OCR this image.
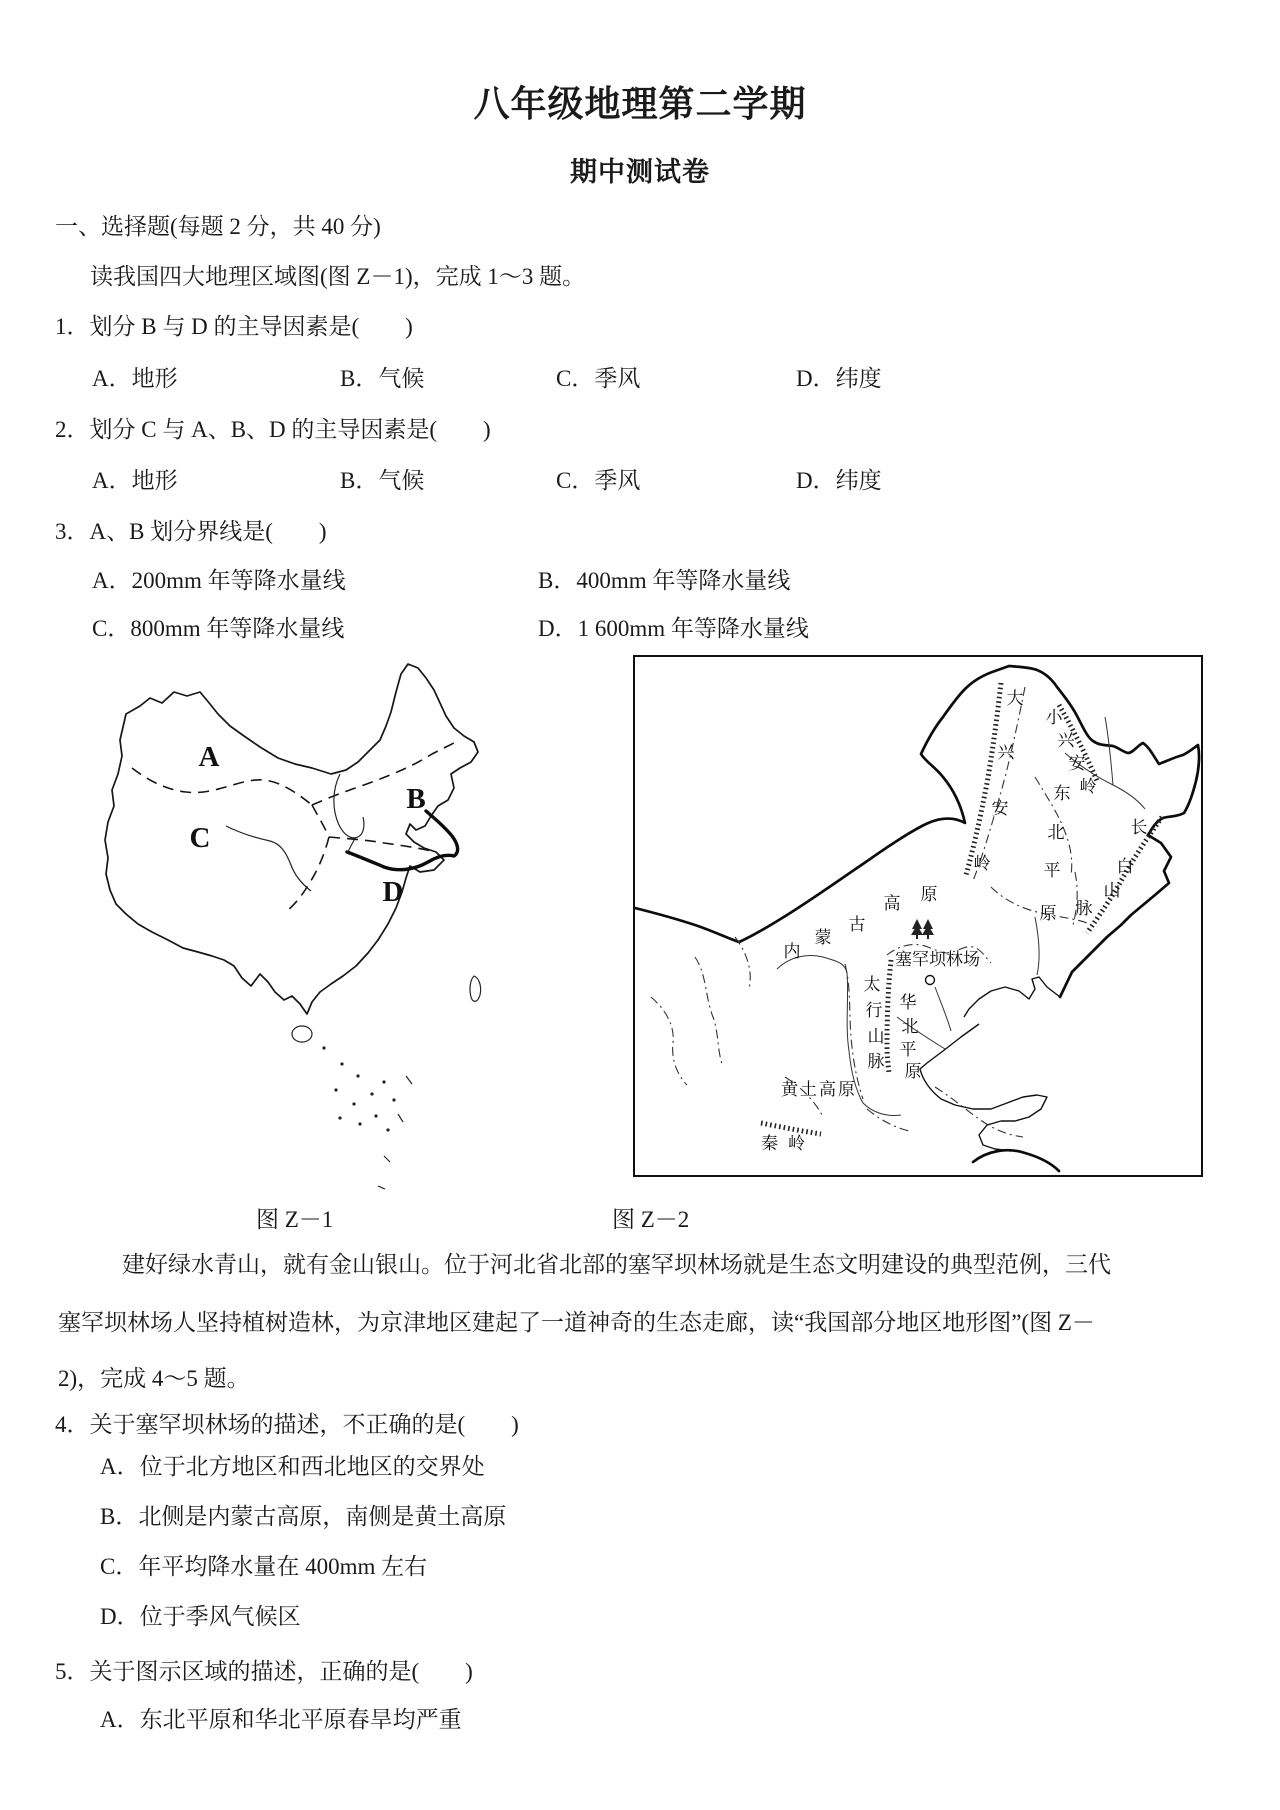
八年级地理第二学期
期中测试卷
一、选择题(每题 2 分，共 40 分)
读我国四大地理区域图(图 Z－1)，完成 1～3 题。
1．划分 B 与 D 的主导因素是(　　)
A．地形	B．气候	C．季风	D．纬度
2．划分 C 与 A、B、D 的主导因素是(　　)
A．地形	B．气候	C．季风	D．纬度
3．A、B 划分界线是(　　)
A．200mm 年等降水量线	B．400mm 年等降水量线
C．800mm 年等降水量线	D．1 600mm 年等降水量线
A
B
C
D
大
兴
安
岭
小
兴
安
岭
东
北
平
原
长
白
山
脉
内
蒙
古
高 原
塞罕坝林场
太
行
山
脉
华
北
平
原
黄土高原
秦岭
图 Z－1	图 Z－2
建好绿水青山，就有金山银山。位于河北省北部的塞罕坝林场就是生态文明建设的典型范例，三代
塞罕坝林场人坚持植树造林，为京津地区建起了一道神奇的生态走廊，读“我国部分地区地形图”(图 Z－
2)，完成 4～5 题。
4．关于塞罕坝林场的描述，不正确的是(　　)
A．位于北方地区和西北地区的交界处
B．北侧是内蒙古高原，南侧是黄土高原
C．年平均降水量在 400mm 左右
D．位于季风气候区
5．关于图示区域的描述，正确的是(　　)
A．东北平原和华北平原春旱均严重
